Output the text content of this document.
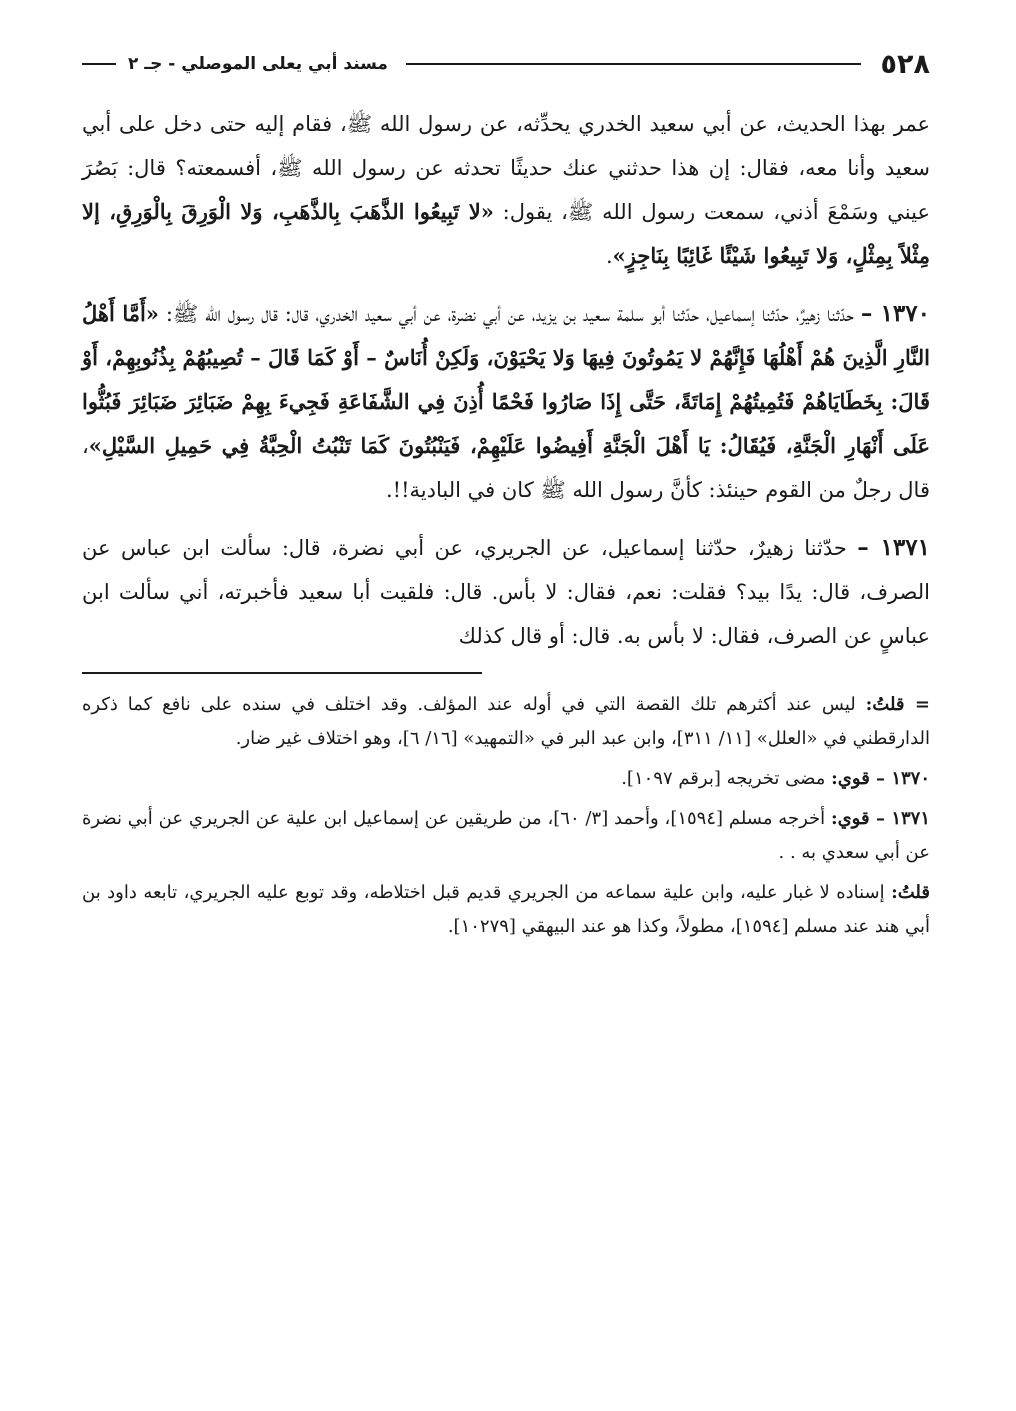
٥٢٨
مسند أبي يعلى الموصلي - جـ ٢

عمر بهذا الحديث، عن أبي سعيد الخدري يحدِّثه، عن رسول الله ﷺ، فقام إليه حتى دخل على أبي سعيد وأنا معه، فقال: إن هذا حدثني عنك حديثًا تحدثه عن رسول الله ﷺ، أفسمعته؟ قال: بَصُرَ عيني وسَمْعَ أذني، سمعت رسول الله ﷺ، يقول: «لا تَبِيعُوا الذَّهَبَ بِالذَّهَبِ، وَلا الْوَرِقَ بِالْوَرِقِ، إلا مِثْلاً بِمِثْلٍ، وَلا تَبِيعُوا شَيْئًا غَائِبًا بِنَاجِزٍ».

١٣٧٠ – حدّثنا زهيرٌ، حدّثنا إسماعيل، حدّثنا أبو سلمة سعيد بن يزيد، عن أبي نضرة، عن أبي سعيد الخدري، قال: قال رسول الله ﷺ: «أَمَّا أَهْلُ النَّارِ الَّذِينَ هُمْ أَهْلُهَا فَإِنَّهُمْ لا يَمُوتُونَ فِيهَا وَلا يَحْيَوْنَ، وَلَكِنْ أُنَاسٌ – أَوْ كَمَا قَالَ – تُصِيبُهُمْ بِذُنُوبِهِمْ، أَوْ قَالَ: بِخَطَايَاهُمْ فَتُمِيتُهُمْ إِمَاتَةً، حَتَّى إِذَا صَارُوا فَحْمًا أُذِنَ فِي الشَّفَاعَةِ فَجِيءَ بِهِمْ ضَبَائِرَ ضَبَائِرَ فَبُثُّوا عَلَى أَنْهَارِ الْجَنَّةِ، فَيُقَالُ: يَا أَهْلَ الْجَنَّةِ أَفِيضُوا عَلَيْهِمْ، فَيَنْبُتُونَ كَمَا تَنْبُتُ الْحِبَّةُ فِي حَمِيلِ السَّيْلِ»، قال رجلٌ من القوم حينئذ: كأنَّ رسول الله ﷺ كان في البادية!!.

١٣٧١ – حدّثنا زهيرٌ، حدّثنا إسماعيل، عن الجريري، عن أبي نضرة، قال: سألت ابن عباس عن الصرف، قال: يدًا بيد؟ فقلت: نعم، فقال: لا بأس. قال: فلقيت أبا سعيد فأخبرته، أني سألت ابن عباسٍ عن الصرف، فقال: لا بأس به. قال: أو قال كذلك

= قلتُ: ليس عند أكثرهم تلك القصة التي في أوله عند المؤلف. وقد اختلف في سنده على نافع كما ذكره الدارقطني في «العلل» [١١/ ٣١١]، وابن عبد البر في «التمهيد» [١٦/ ٦]، وهو اختلاف غير ضار.

١٣٧٠ – قوي: مضى تخريجه [برقم ١٠٩٧].

١٣٧١ – قوي: أخرجه مسلم [١٥٩٤]، وأحمد [٣/ ٦٠]، من طريقين عن إسماعيل ابن علية عن الجريري عن أبي نضرة عن أبي سعدي به . .

قلتُ: إسناده لا غبار عليه، وابن علية سماعه من الجريري قديم قبل اختلاطه، وقد توبع عليه الجريري، تابعه داود بن أبي هند عند مسلم [١٥٩٤]، مطولاً، وكذا هو عند البيهقي [١٠٢٧٩].
